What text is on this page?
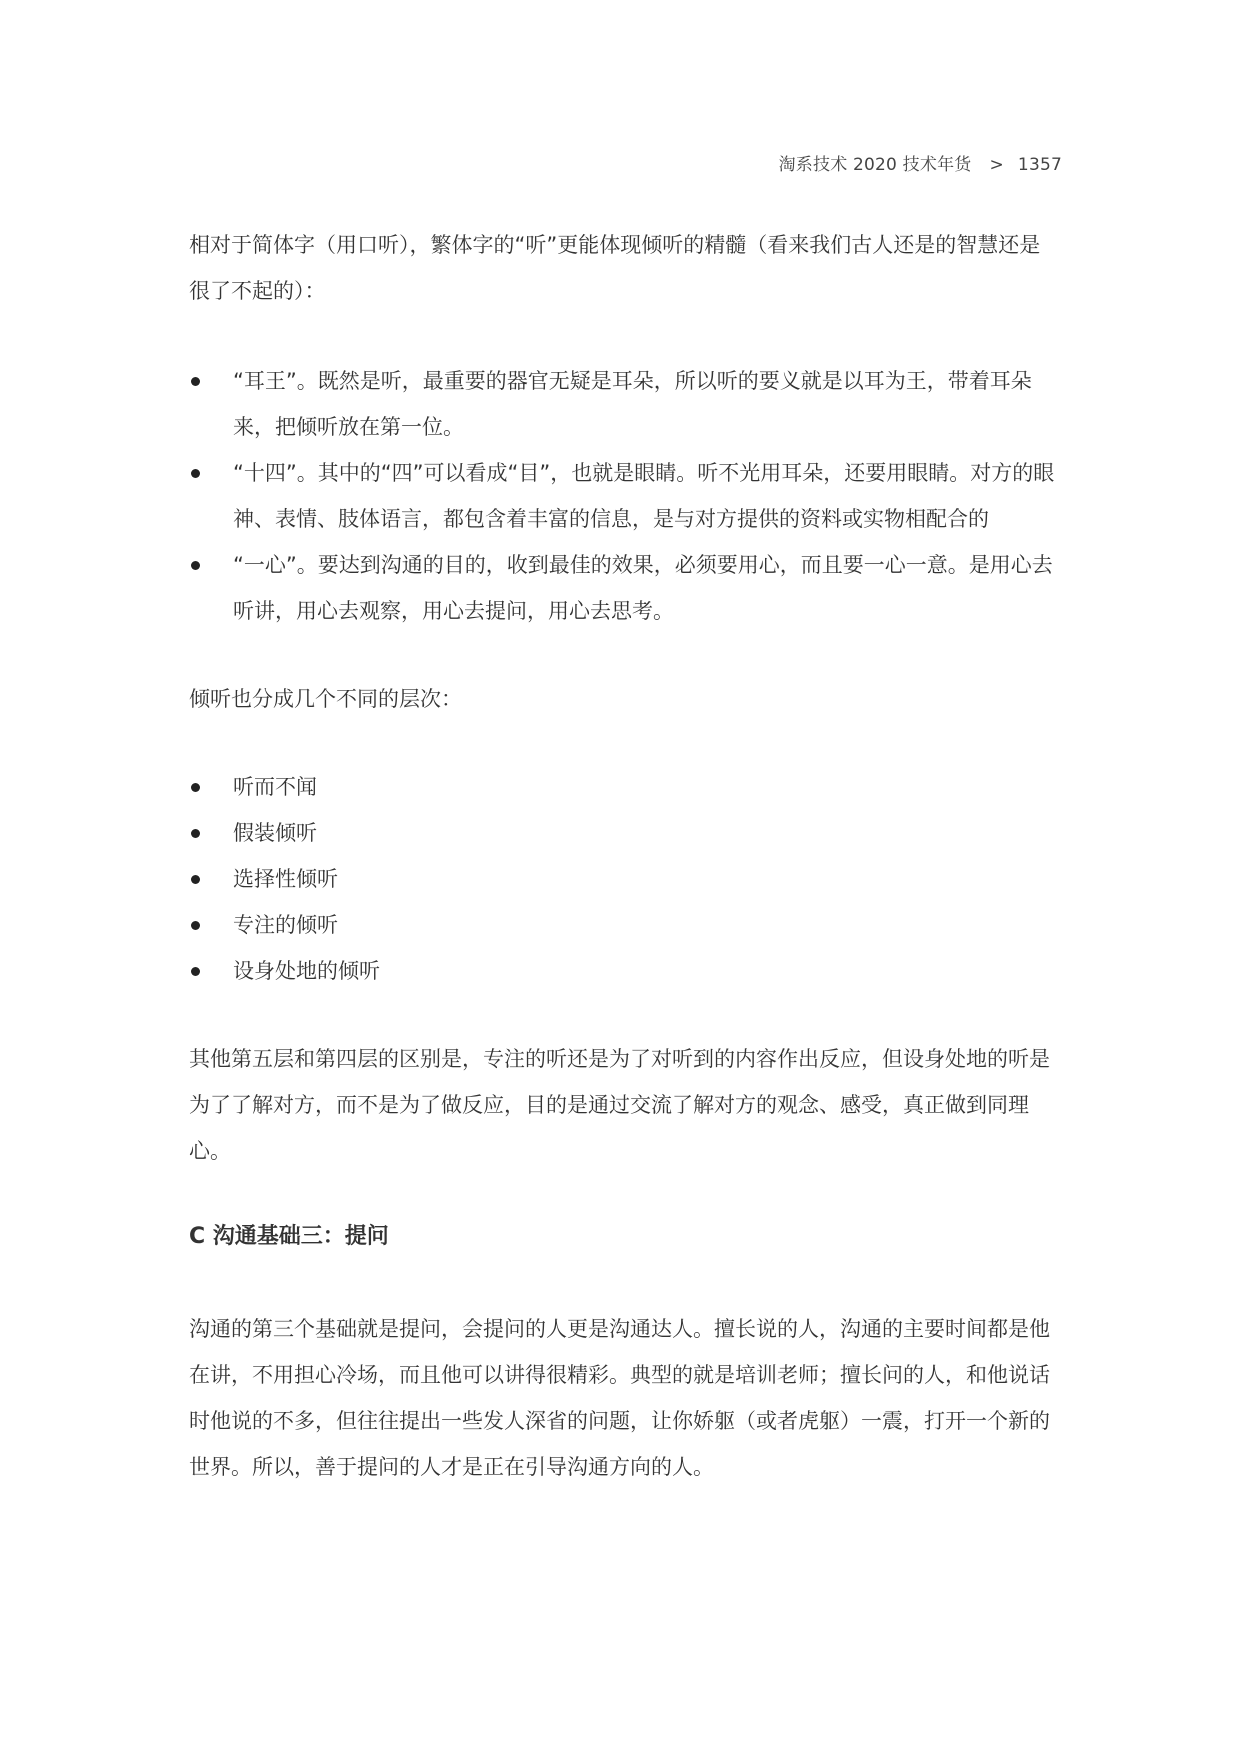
淘系技术 2020 技术年货 > 1357

相对于简体字（用口听），繁体字的“听”更能体现倾听的精髓（看来我们古人还是的智慧还是很了不起的）：

“耳王”。既然是听，最重要的器官无疑是耳朵，所以听的要义就是以耳为王，带着耳朵来，把倾听放在第一位。
“十四”。其中的“四”可以看成“目”，也就是眼睛。听不光用耳朵，还要用眼睛。对方的眼神、表情、肢体语言，都包含着丰富的信息，是与对方提供的资料或实物相配合的
“一心”。要达到沟通的目的，收到最佳的效果，必须要用心，而且要一心一意。是用心去听讲，用心去观察，用心去提问，用心去思考。

倾听也分成几个不同的层次：

听而不闻
假装倾听
选择性倾听
专注的倾听
设身处地的倾听

其他第五层和第四层的区别是，专注的听还是为了对听到的内容作出反应，但设身处地的听是为了了解对方，而不是为了做反应，目的是通过交流了解对方的观念、感受，真正做到同理心。

C 沟通基础三：提问

沟通的第三个基础就是提问，会提问的人更是沟通达人。擅长说的人，沟通的主要时间都是他在讲，不用担心冷场，而且他可以讲得很精彩。典型的就是培训老师；擅长问的人，和他说话时他说的不多，但往往提出一些发人深省的问题，让你娇躯（或者虎躯）一震，打开一个新的世界。所以，善于提问的人才是正在引导沟通方向的人。
